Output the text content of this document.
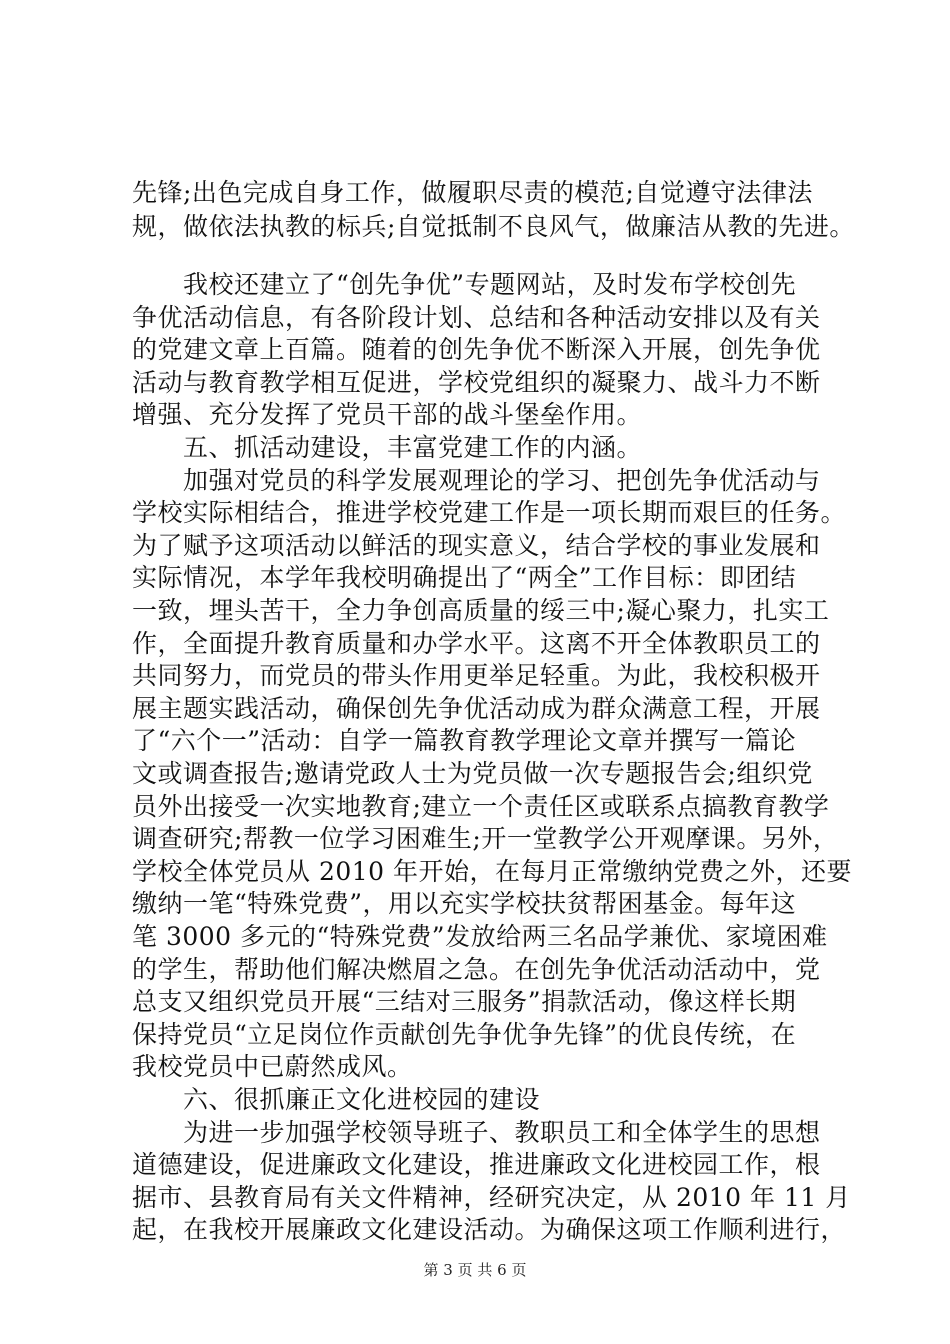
先锋;出色完成自身工作，做履职尽责的模范;自觉遵守法律法
规，做依法执教的标兵;自觉抵制不良风气，做廉洁从教的先进。
　　我校还建立了“创先争优”专题网站，及时发布学校创先
争优活动信息，有各阶段计划、总结和各种活动安排以及有关
的党建文章上百篇。随着的创先争优不断深入开展，创先争优
活动与教育教学相互促进，学校党组织的凝聚力、战斗力不断
增强、充分发挥了党员干部的战斗堡垒作用。
　　五、抓活动建设，丰富党建工作的内涵。
　　加强对党员的科学发展观理论的学习、把创先争优活动与
学校实际相结合，推进学校党建工作是一项长期而艰巨的任务。
为了赋予这项活动以鲜活的现实意义，结合学校的事业发展和
实际情况，本学年我校明确提出了“两全”工作目标：即团结
一致，埋头苦干，全力争创高质量的绥三中;凝心聚力，扎实工
作，全面提升教育质量和办学水平。这离不开全体教职员工的
共同努力，而党员的带头作用更举足轻重。为此，我校积极开
展主题实践活动，确保创先争优活动成为群众满意工程，开展
了“六个一”活动：自学一篇教育教学理论文章并撰写一篇论
文或调查报告;邀请党政人士为党员做一次专题报告会;组织党
员外出接受一次实地教育;建立一个责任区或联系点搞教育教学
调查研究;帮教一位学习困难生;开一堂教学公开观摩课。另外，
学校全体党员从 2010 年开始，在每月正常缴纳党费之外，还要
缴纳一笔“特殊党费”，用以充实学校扶贫帮困基金。每年这
笔 3000 多元的“特殊党费”发放给两三名品学兼优、家境困难
的学生，帮助他们解决燃眉之急。在创先争优活动活动中，党
总支又组织党员开展“三结对三服务”捐款活动，像这样长期
保持党员“立足岗位作贡献创先争优争先锋”的优良传统，在
我校党员中已蔚然成风。
　　六、很抓廉正文化进校园的建设
　　为进一步加强学校领导班子、教职员工和全体学生的思想
道德建设，促进廉政文化建设，推进廉政文化进校园工作，根
据市、县教育局有关文件精神，经研究决定，从 2010 年 11 月
第 3 页 共 6 页
起，在我校开展廉政文化建设活动。为确保这项工作顺利进行，
